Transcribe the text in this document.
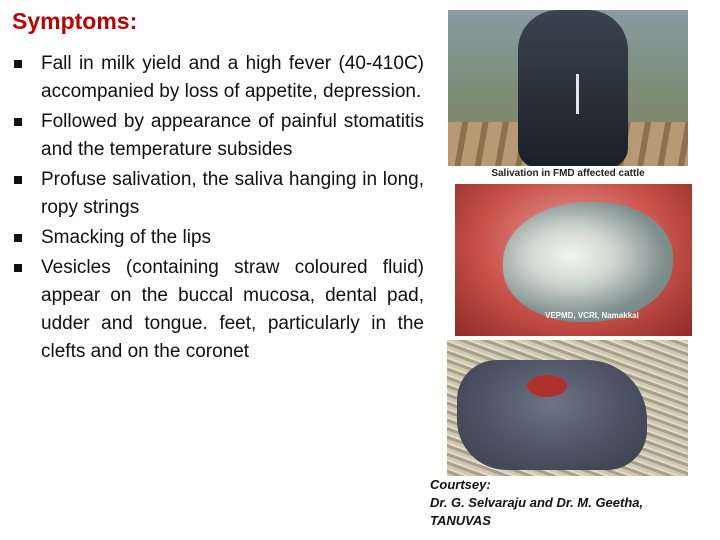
Symptoms:
Fall in milk yield and a high fever (40-410C) accompanied by loss of appetite, depression.
Followed by appearance of painful stomatitis and the temperature subsides
Profuse salivation, the saliva hanging in long, ropy strings
Smacking of the lips
Vesicles (containing straw coloured fluid) appear on the buccal mucosa, dental pad, udder and tongue. feet, particularly in the clefts and on the coronet
Salivation in FMD affected cattle
VEPMD, VCRI, Namakkal
Courtsey:
Dr. G. Selvaraju and Dr. M. Geetha,
TANUVAS
